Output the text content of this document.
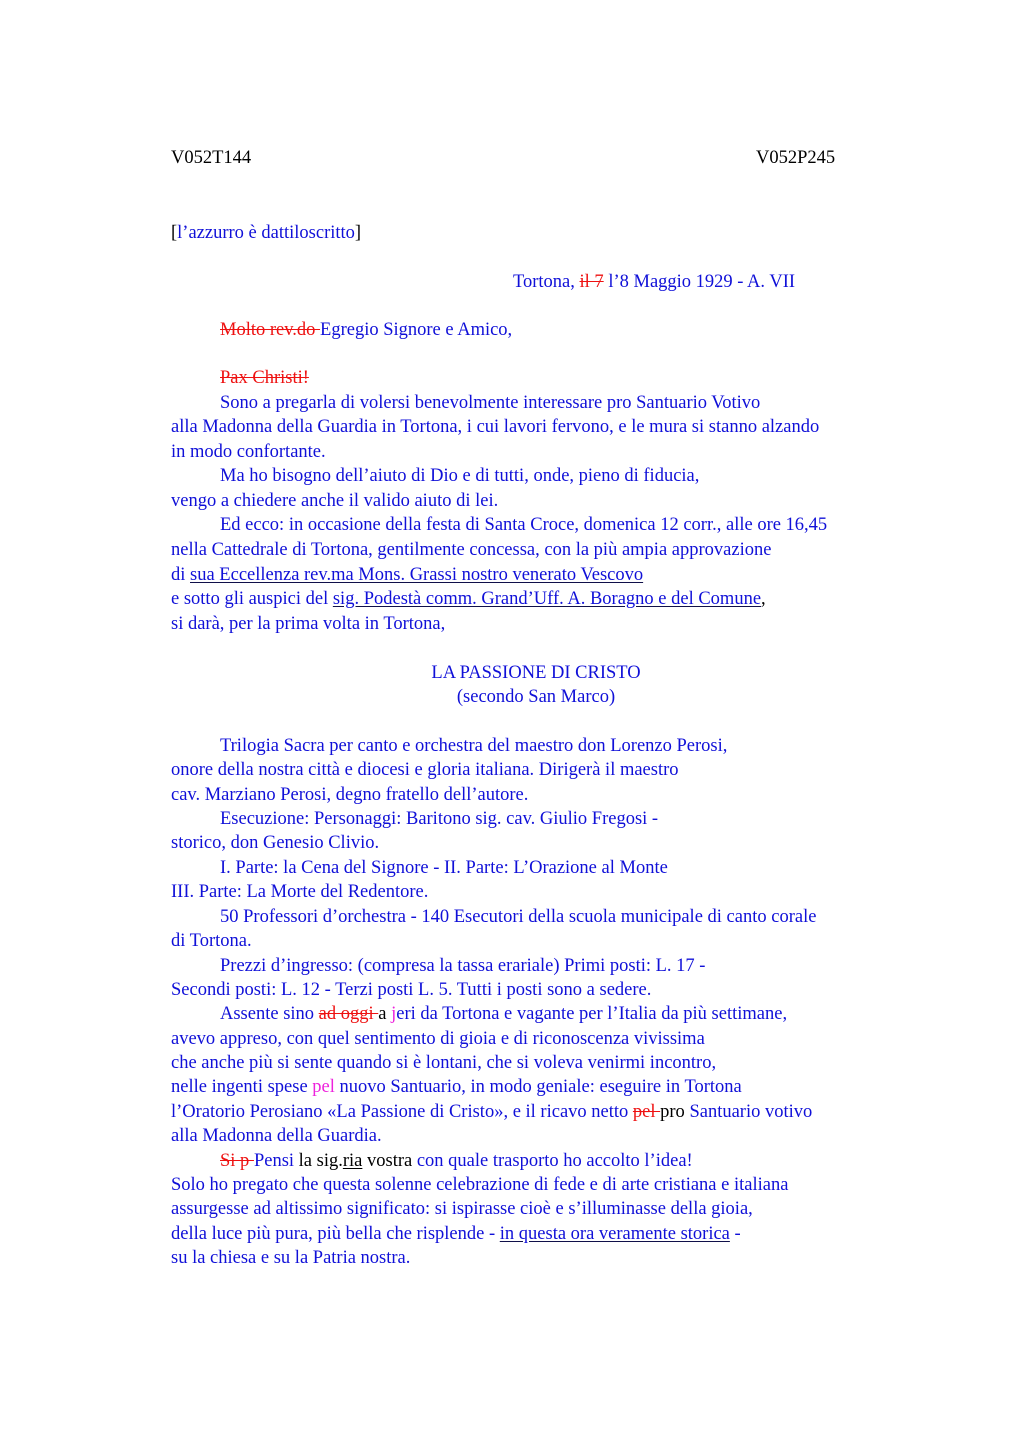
V052T144	V052P245
[l’azzurro è dattiloscritto]
Tortona, il 7 l’8 Maggio 1929 - A. VII
Molto rev.do Egregio Signore e Amico,
Pax Christi!
Sono a pregarla di volersi benevolmente interessare pro Santuario Votivo
alla Madonna della Guardia in Tortona, i cui lavori fervono, e le mura si stanno alzando
in modo confortante.
Ma ho bisogno dell’aiuto di Dio e di tutti, onde, pieno di fiducia,
vengo a chiedere anche il valido aiuto di lei.
Ed ecco: in occasione della festa di Santa Croce, domenica 12 corr., alle ore 16,45
nella Cattedrale di Tortona, gentilmente concessa, con la più ampia approvazione
di sua Eccellenza rev.ma Mons. Grassi nostro venerato Vescovo
e sotto gli auspici del sig. Podestà comm. Grand’Uff. A. Boragno e del Comune,
si darà, per la prima volta in Tortona,
LA PASSIONE DI CRISTO
(secondo San Marco)
Trilogia Sacra per canto e orchestra del maestro don Lorenzo Perosi,
onore della nostra città e diocesi e gloria italiana. Dirigerà il maestro
cav. Marziano Perosi, degno fratello dell’autore.
Esecuzione: Personaggi: Baritono sig. cav. Giulio Fregosi -
storico, don Genesio Clivio.
I. Parte: la Cena del Signore - II. Parte: L’Orazione al Monte
III. Parte: La Morte del Redentore.
50 Professori d’orchestra - 140 Esecutori della scuola municipale di canto corale
di Tortona.
Prezzi d’ingresso: (compresa la tassa erariale) Primi posti: L. 17 -
Secondi posti: L. 12 - Terzi posti L. 5. Tutti i posti sono a sedere.
Assente sino ad oggi a jeri da Tortona e vagante per l’Italia da più settimane,
avevo appreso, con quel sentimento di gioia e di riconoscenza vivissima
che anche più si sente quando si è lontani, che si voleva venirmi incontro,
nelle ingenti spese pel nuovo Santuario, in modo geniale: eseguire in Tortona
l’Oratorio Perosiano «La Passione di Cristo», e il ricavo netto pel pro Santuario votivo
alla Madonna della Guardia.
Si p Pensi la sig.ria vostra con quale trasporto ho accolto l’idea!
Solo ho pregato che questa solenne celebrazione di fede e di arte cristiana e italiana
assurgesse ad altissimo significato: si ispirasse cioè e s’illuminasse della gioia,
della luce più pura, più bella che risplende - in questa ora veramente storica -
su la chiesa e su la Patria nostra.
